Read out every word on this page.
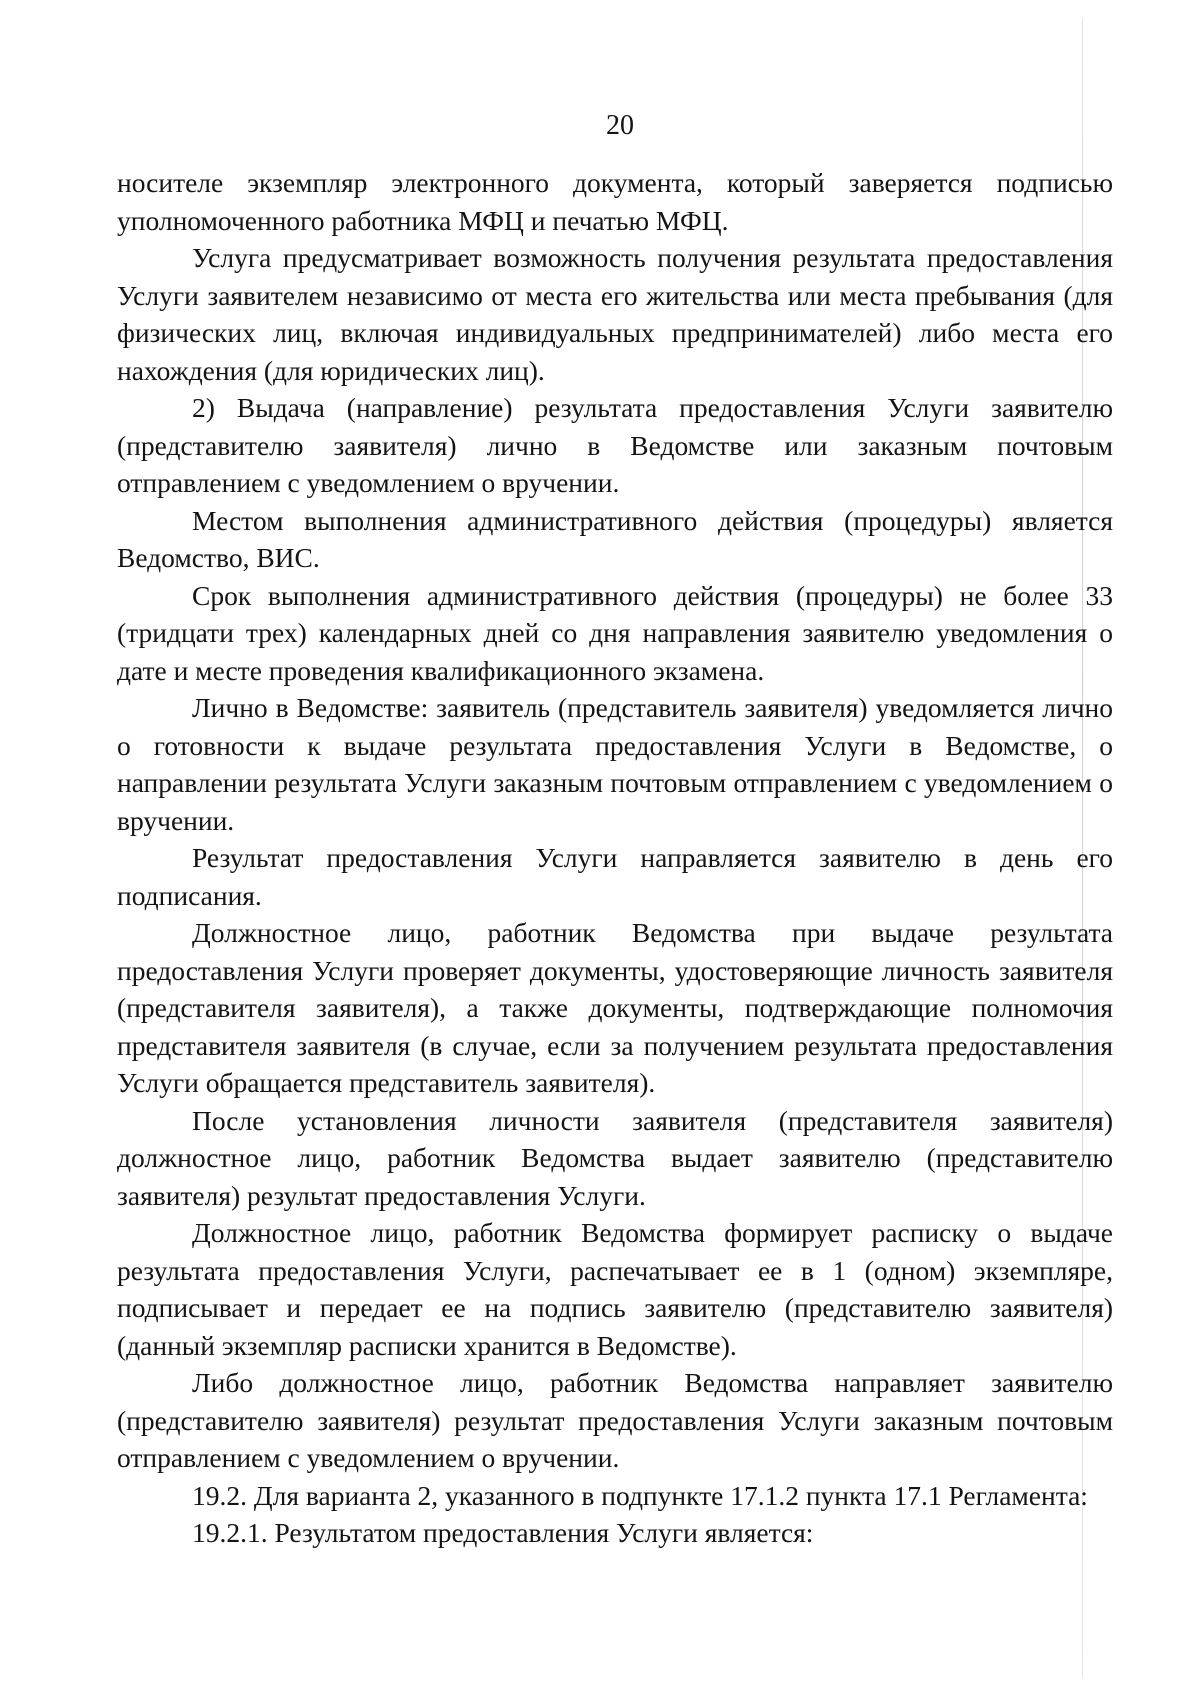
20

носителе экземпляр электронного документа, который заверяется подписью уполномоченного работника МФЦ и печатью МФЦ.

Услуга предусматривает возможность получения результата предоставления Услуги заявителем независимо от места его жительства или места пребывания (для физических лиц, включая индивидуальных предпринимателей) либо места его нахождения (для юридических лиц).

2) Выдача (направление) результата предоставления Услуги заявителю (представителю заявителя) лично в Ведомстве или заказным почтовым отправлением с уведомлением о вручении.

Местом выполнения административного действия (процедуры) является Ведомство, ВИС.

Срок выполнения административного действия (процедуры) не более 33 (тридцати трех) календарных дней со дня направления заявителю уведомления о дате и месте проведения квалификационного экзамена.

Лично в Ведомстве: заявитель (представитель заявителя) уведомляется лично о готовности к выдаче результата предоставления Услуги в Ведомстве, о направлении результата Услуги заказным почтовым отправлением с уведомлением о вручении.

Результат предоставления Услуги направляется заявителю в день его подписания.

Должностное лицо, работник Ведомства при выдаче результата предоставления Услуги проверяет документы, удостоверяющие личность заявителя (представителя заявителя), а также документы, подтверждающие полномочия представителя заявителя (в случае, если за получением результата предоставления Услуги обращается представитель заявителя).

После установления личности заявителя (представителя заявителя) должностное лицо, работник Ведомства выдает заявителю (представителю заявителя) результат предоставления Услуги.

Должностное лицо, работник Ведомства формирует расписку о выдаче результата предоставления Услуги, распечатывает ее в 1 (одном) экземпляре, подписывает и передает ее на подпись заявителю (представителю заявителя) (данный экземпляр расписки хранится в Ведомстве).

Либо должностное лицо, работник Ведомства направляет заявителю (представителю заявителя) результат предоставления Услуги заказным почтовым отправлением с уведомлением о вручении.

19.2. Для варианта 2, указанного в подпункте 17.1.2 пункта 17.1 Регламента:

19.2.1. Результатом предоставления Услуги является:
